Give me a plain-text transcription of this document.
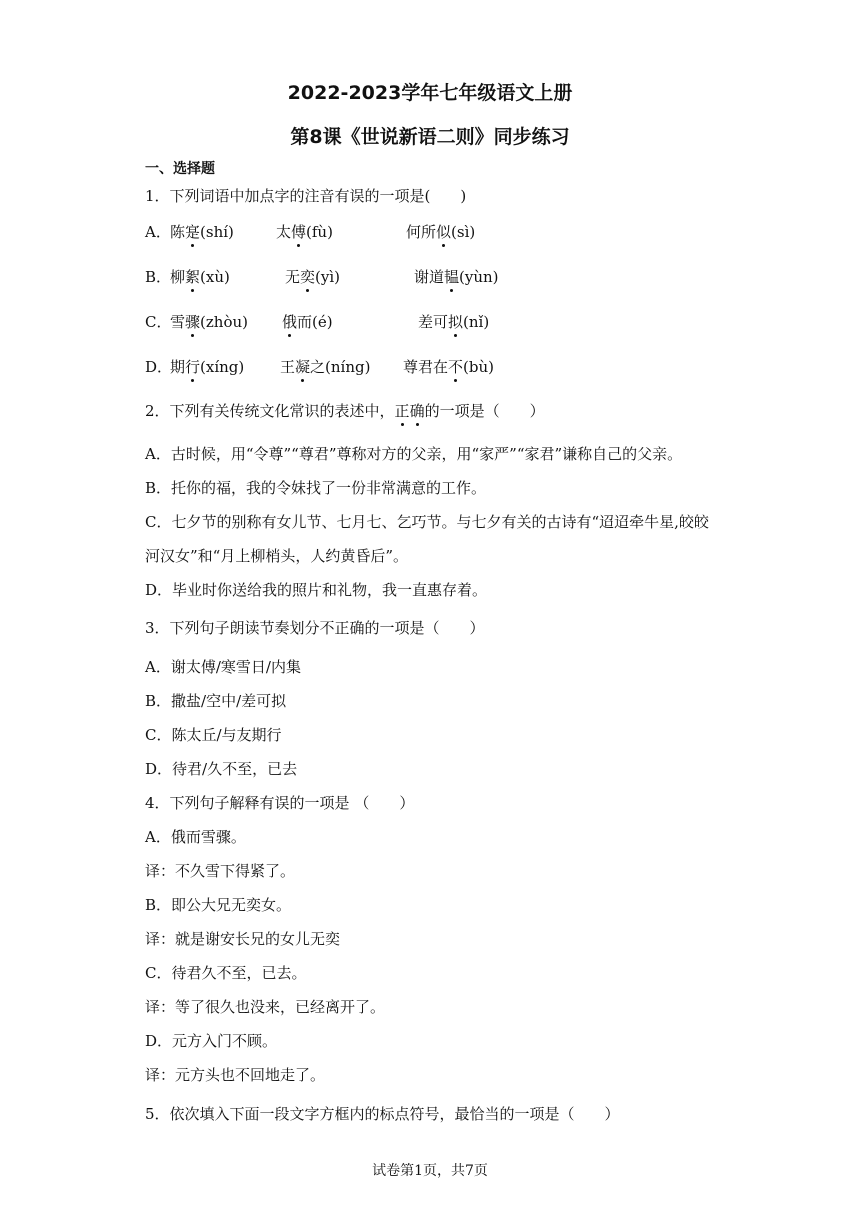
2022-2023学年七年级语文上册
第8课《世说新语二则》同步练习
一、选择题
1．下列词语中加点字的注音有误的一项是(　　)
A． 陈寔(shí)	太傅(fù)	何所似(sì)
B．
柳絮(xù)	无奕(yì)	谢道韫(yùn)
C．
雪骤(zhòu) 俄而(é)	差可拟(nǐ)
D．
期行(xíng) 王凝之(níng) 尊君在不(bù)
2．下列有关传统文化常识的表述中，正确的一项是（　　）
A．古时候，用“令尊”“尊君”尊称对方的父亲，用“家严”“家君”谦称自己的父亲。
B．托你的福，我的令妹找了一份非常满意的工作。
C．七夕节的别称有女儿节、七月七、乞巧节。与七夕有关的古诗有“迢迢牵牛星,皎皎
河汉女”和“月上柳梢头，人约黄昏后”。
D．毕业时你送给我的照片和礼物，我一直惠存着。
3．下列句子朗读节奏划分不正确的一项是（　　）
A．谢太傅/寒雪日/内集
B．撒盐/空中/差可拟
C．陈太丘/与友期行
D．待君/久不至，已去
4．下列句子解释有误的一项是 （　　）
A．俄而雪骤。
译：不久雪下得紧了。
B．即公大兄无奕女。
译：就是谢安长兄的女儿无奕
C．待君久不至，已去。
译：等了很久也没来，已经离开了。
D．元方入门不顾。
译：元方头也不回地走了。
5．依次填入下面一段文字方框内的标点符号，最恰当的一项是（　　）
试卷第1页，共7页
